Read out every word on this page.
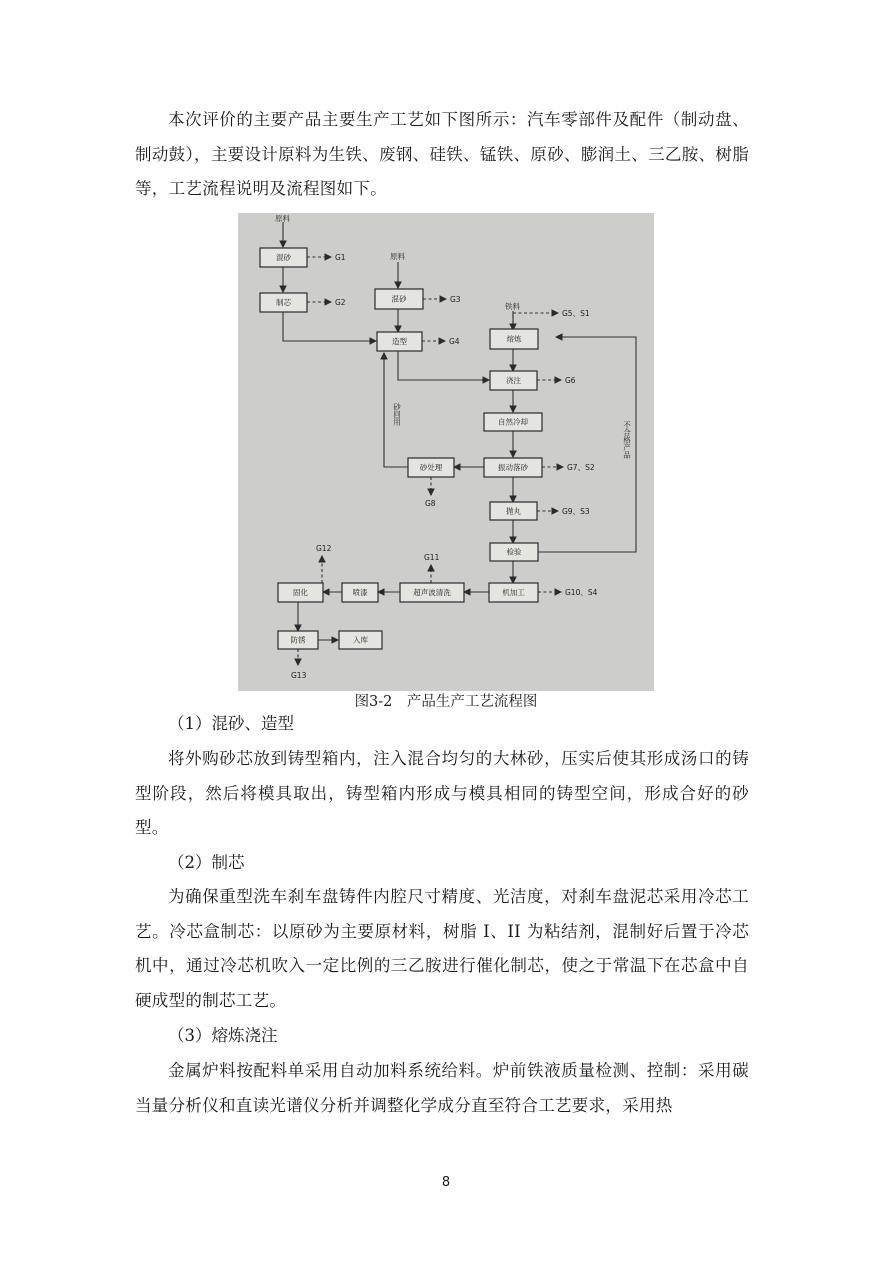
本次评价的主要产品主要生产工艺如下图所示：汽车零部件及配件（制动盘、制动鼓），主要设计原料为生铁、废钢、硅铁、锰铁、原砂、膨润土、三乙胺、树脂等，工艺流程说明及流程图如下。

混砂
制芯	混砂
造型	熔炼
浇注
自然冷却
振动落砂
砂处理
抛丸
检验
机加工
超声波清洗
喷漆
固化
防锈	入库
原料
原料
铁料
G1
G2	G3
G4
G5、S1
G6
G7、S2
G8
G9、S3
G10、S4
G11
G12
G13
砂回用
不合格产品
图3-2　产品生产工艺流程图

（1）混砂、造型

将外购砂芯放到铸型箱内，注入混合均匀的大林砂，压实后使其形成汤口的铸型阶段，然后将模具取出，铸型箱内形成与模具相同的铸型空间，形成合好的砂型。

（2）制芯

为确保重型洗车刹车盘铸件内腔尺寸精度、光洁度，对刹车盘泥芯采用冷芯工艺。冷芯盒制芯：以原砂为主要原材料，树脂 I、II 为粘结剂，混制好后置于冷芯机中，通过冷芯机吹入一定比例的三乙胺进行催化制芯，使之于常温下在芯盒中自硬成型的制芯工艺。

（3）熔炼浇注

金属炉料按配料单采用自动加料系统给料。炉前铁液质量检测、控制：采用碳当量分析仪和直读光谱仪分析并调整化学成分直至符合工艺要求，采用热

8
